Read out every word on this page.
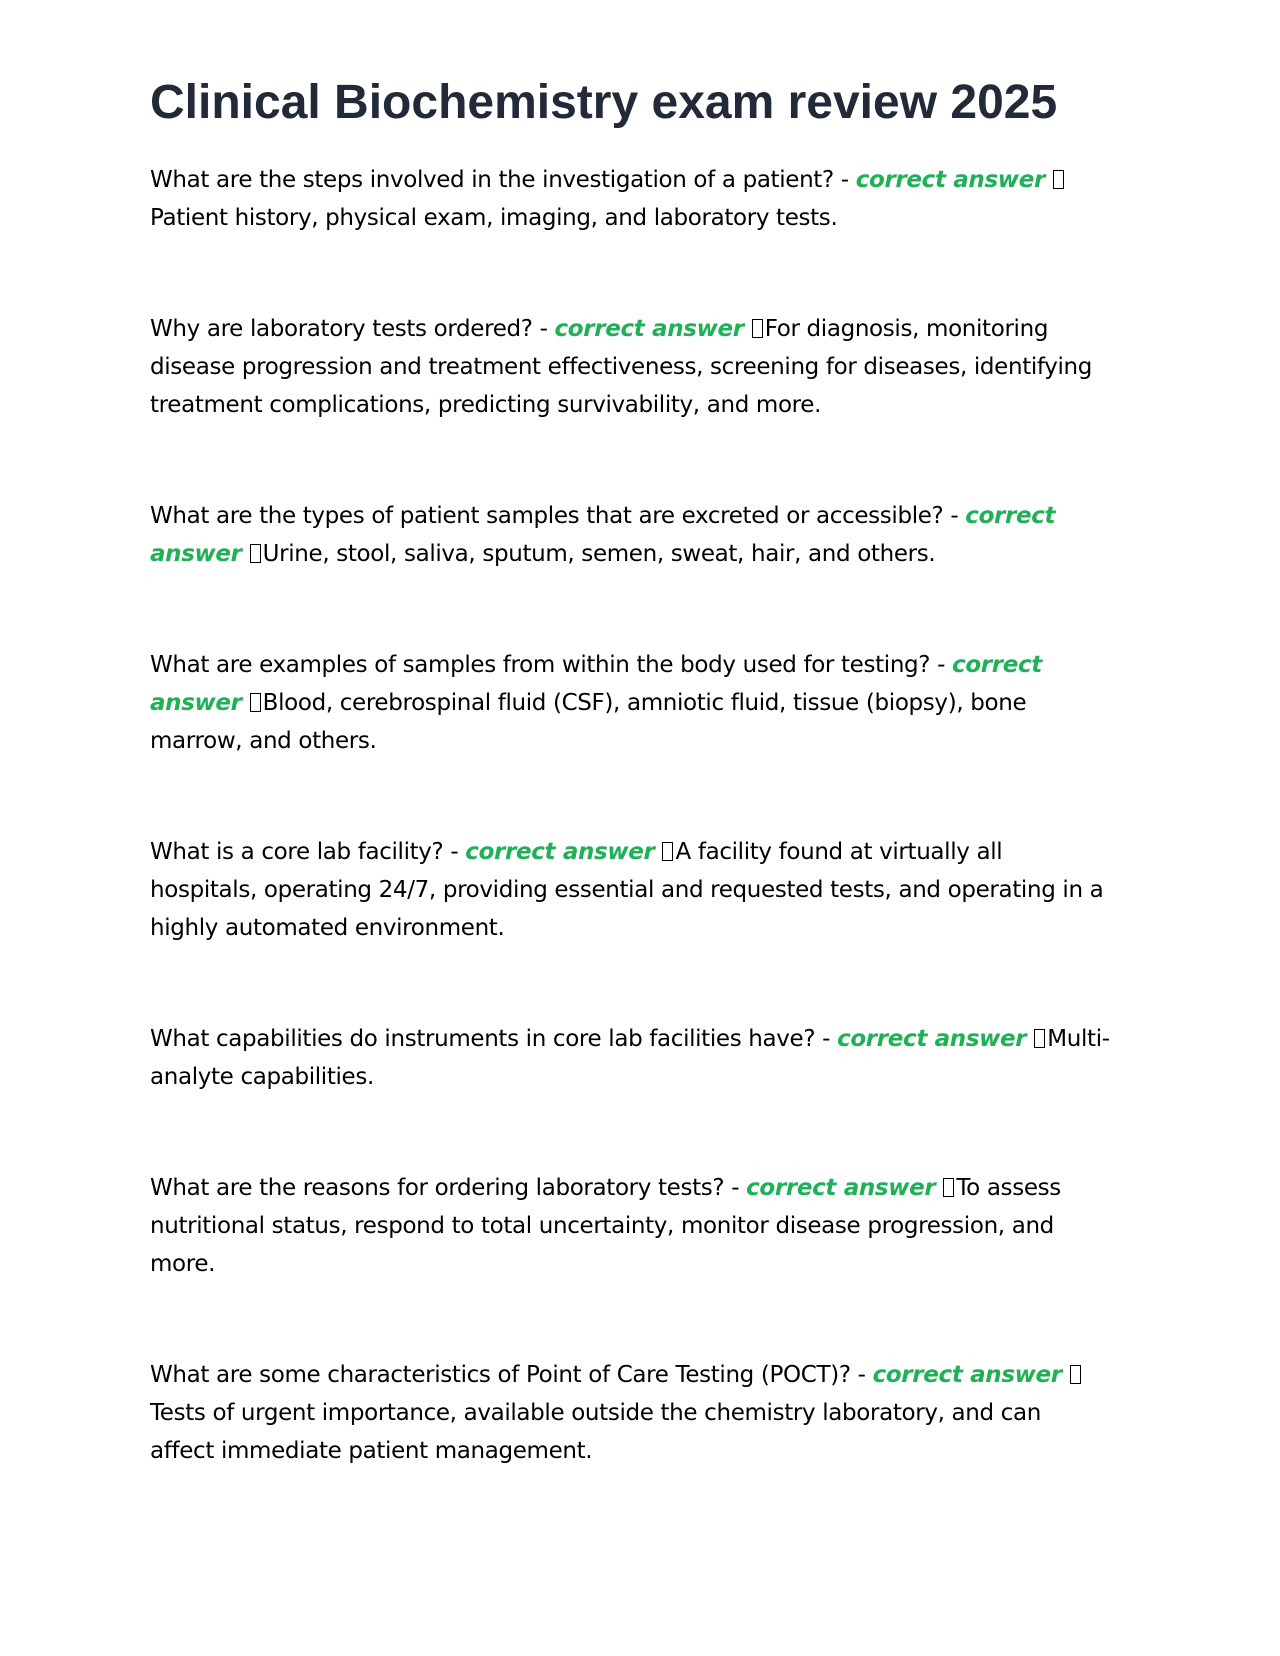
Clinical Biochemistry exam review 2025

What are the steps involved in the investigation of a patient? - correct answer Patient history, physical exam, imaging, and laboratory tests.

Why are laboratory tests ordered? - correct answer For diagnosis, monitoring disease progression and treatment effectiveness, screening for diseases, identifying treatment complications, predicting survivability, and more.

What are the types of patient samples that are excreted or accessible? - correct answer Urine, stool, saliva, sputum, semen, sweat, hair, and others.

What are examples of samples from within the body used for testing? - correct answer Blood, cerebrospinal fluid (CSF), amniotic fluid, tissue (biopsy), bone marrow, and others.

What is a core lab facility? - correct answer A facility found at virtually all hospitals, operating 24/7, providing essential and requested tests, and operating in a highly automated environment.

What capabilities do instruments in core lab facilities have? - correct answer Multi-analyte capabilities.

What are the reasons for ordering laboratory tests? - correct answer To assess nutritional status, respond to total uncertainty, monitor disease progression, and more.

What are some characteristics of Point of Care Testing (POCT)? - correct answer Tests of urgent importance, available outside the chemistry laboratory, and can affect immediate patient management.
